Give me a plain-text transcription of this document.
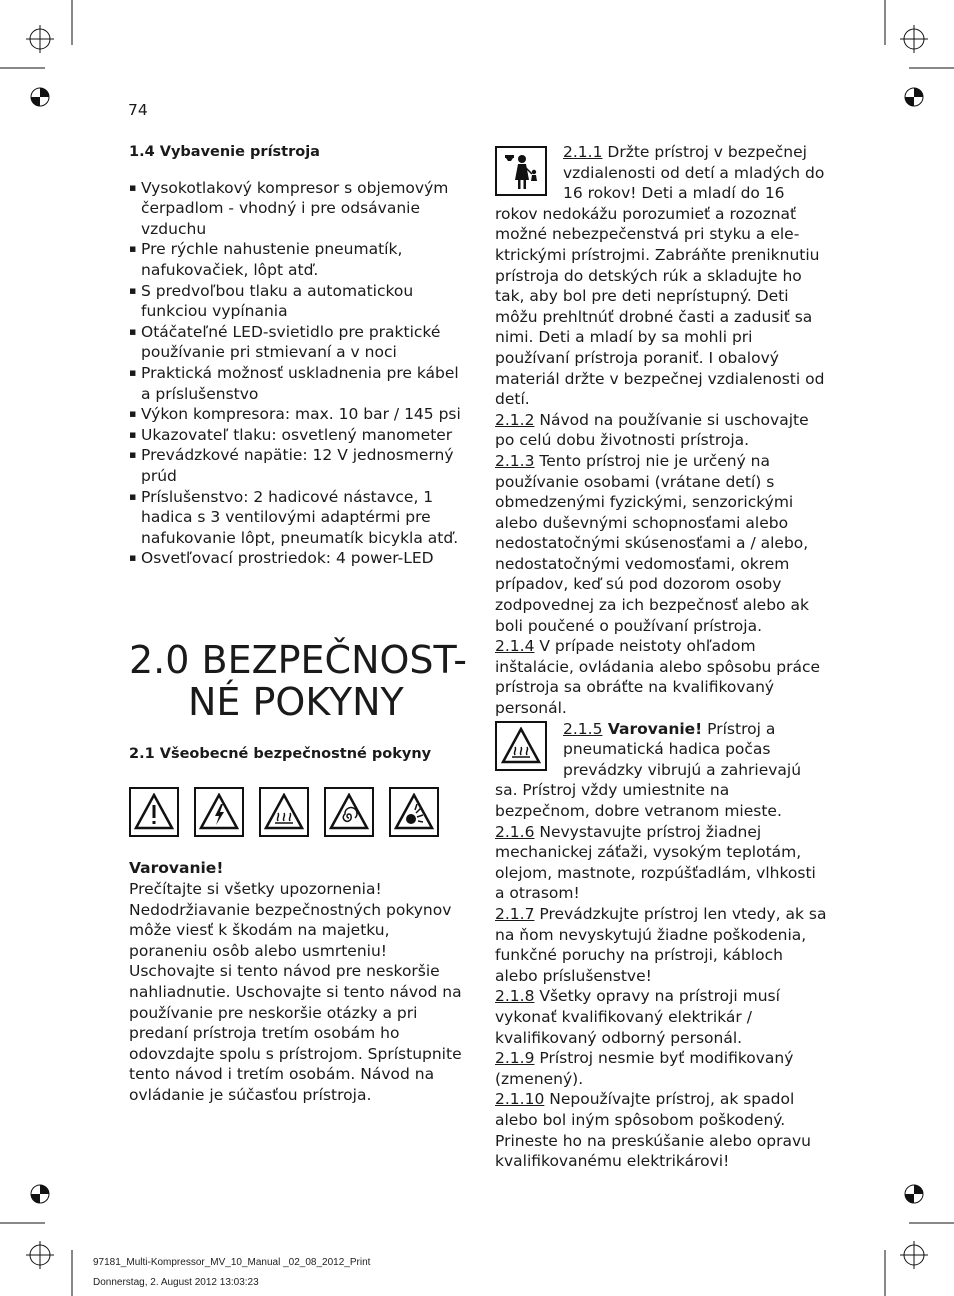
74
1.4 Vybavenie prístroja
▪ Vysokotlakový kompresor s objemovým čerpadlom - vhodný i pre odsávanie vzduchu
▪ Pre rýchle nahustenie pneumatík, nafukovačiek, lôpt atď.
▪ S predvoľbou tlaku a automatickou funkciou vypínania
▪ Otáčateľné LED-svietidlo pre praktické používanie pri stmievaní a v noci
▪ Praktická možnosť uskladnenia pre kábel a príslušenstvo
▪ Výkon kompresora: max. 10 bar / 145 psi
▪ Ukazovateľ tlaku: osvetlený manometer
▪ Prevádzkové napätie: 12 V jednosmerný prúd
▪ Príslušenstvo: 2 hadicové nástavce, 1 hadica s 3 ventilovými adaptérmi pre nafukovanie lôpt, pneumatík bicykla atď.
▪ Osvetľovací prostriedok: 4 power-LED
2.0 BEZPEČNOST-
NÉ POKYNY
2.1 Všeobecné bezpečnostné pokyny
Varovanie!
Prečítajte si všetky upozornenia! Nedodržiavanie bezpečnostných pokynov môže viesť k škodám na majetku, poraneniu osôb alebo usmrteniu! Uschovajte si tento návod pre neskoršie nahliadnutie. Uschovajte si tento návod na používanie pre neskoršie otázky a pri predaní prístroja tretím osobám ho odovzdajte spolu s prístrojom. Sprístupnite tento návod i tretím osobám. Návod na ovládanie je súčasťou prístroja.
2.1.1 Držte prístroj v bezpečnej vzdialenosti od detí a mladých do 16 rokov! Deti a mladí do 16 rokov nedokážu porozumieť a rozoznať možné nebezpečenstvá pri styku a ele-ktrickými prístrojmi. Zabráňte preniknutiu prístroja do detských rúk a skladujte ho tak, aby bol pre deti neprístupný. Deti môžu prehltnúť drobné časti a zadusiť sa nimi. Deti a mladí by sa mohli pri používaní prístroja poraniť. I obalový materiál držte v bezpečnej vzdialenosti od detí.
2.1.2 Návod na používanie si uschovajte po celú dobu životnosti prístroja.
2.1.3 Tento prístroj nie je určený na používanie osobami (vrátane detí) s obmedzenými fyzickými, senzorickými alebo duševnými schopnosťami alebo nedostatočnými skúsenosťami a / alebo, nedostatočnými vedomosťami, okrem prípadov, keď sú pod dozorom osoby zodpovednej za ich bezpečnosť alebo ak boli poučené o používaní prístroja.
2.1.4 V prípade neistoty ohľadom inštalácie, ovládania alebo spôsobu práce prístroja sa obráťte na kvalifikovaný personál.
2.1.5 Varovanie! Prístroj a pneumatická hadica počas prevádzky vibrujú a zahrievajú sa. Prístroj vždy umiestnite na bezpečnom, dobre vetranom mieste.
2.1.6 Nevystavujte prístroj žiadnej mechanickej záťaži, vysokým teplotám, olejom, mastnote, rozpúšťadlám, vlhkosti a otrasom!
2.1.7 Prevádzkujte prístroj len vtedy, ak sa na ňom nevyskytujú žiadne poškodenia, funkčné poruchy na prístroji, kábloch alebo príslušenstve!
2.1.8 Všetky opravy na prístroji musí vykonať kvalifikovaný elektrikár / kvalifikovaný odborný personál.
2.1.9 Prístroj nesmie byť modifikovaný (zmenený).
2.1.10 Nepoužívajte prístroj, ak spadol alebo bol iným spôsobom poškodený. Prineste ho na preskúšanie alebo opravu kvalifikovanému elektrikárovi!
97181_Multi-Kompressor_MV_10_Manual _02_08_2012_Print
Donnerstag, 2. August 2012 13:03:23
